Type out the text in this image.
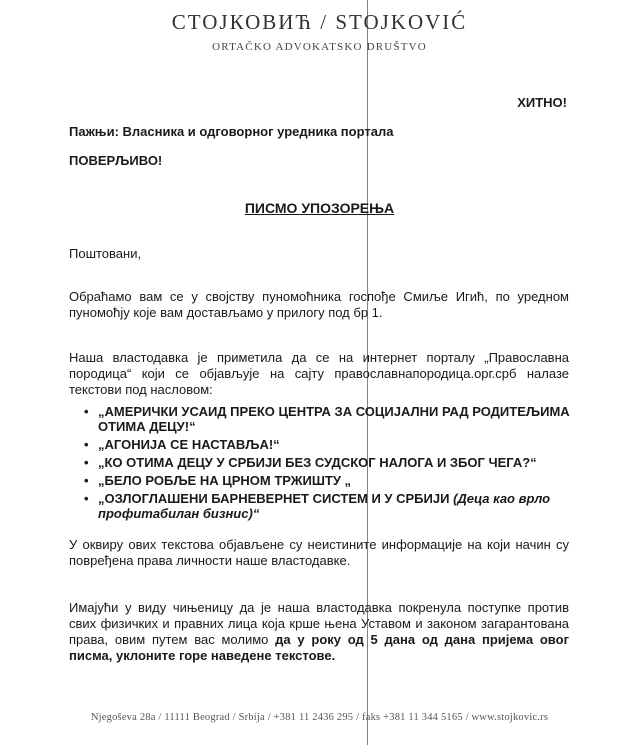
СТОЈКОВИЋ / STOJKOVIĆ
ORTAČKO ADVOKATSKO DRUŠTVO
ХИТНО!
Пажњи: Власника и одговорног уредника портала
ПОВЕРЉИВО!
ПИСМО УПОЗОРЕЊА
Поштовани,
Обраћамо вам се у својству пуномоћника госпође Смиље Игић, по уредном пуномоћју које вам достављамо у прилогу под бр 1.
Наша властодавка је приметила да се на интернет порталу „Православна породица“ који се објављује на сајту православнапородица.орг.срб налазе текстови под насловом:
• „АМЕРИЧКИ УСАИД ПРЕКО ЦЕНТРА ЗА СОЦИЈАЛНИ РАД РОДИТЕЉИМА ОТИМА ДЕЦУ!“
• „АГОНИЈА СЕ НАСТАВЉА!“
• „КО ОТИМА ДЕЦУ У СРБИЈИ БЕЗ СУДСКОГ НАЛОГА И ЗБОГ ЧЕГА?“
• „БЕЛО РОБЉЕ НА ЦРНОМ ТРЖИШТУ „
• „ОЗЛОГЛАШЕНИ БАРНЕВЕРНЕТ СИСТЕМ И У СРБИЈИ (Деца као врло профитабилан бизнис)“
У оквиру ових текстова објављене су неистините информације на који начин су повређена права личности наше властодавке.
Имајући у виду чињеницу да је наша властодавка покренула поступке против свих физичких и правних лица која крше њена Уставом и законом загарантована права, овим путем вас молимо да у року од 5 дана од дана пријема овог писма, уклоните горе наведене текстове.
Njegoševa 28a / 11111 Beograd / Srbija / +381 11 2436 295 / faks +381 11 344 5165 / www.stojkovic.rs
